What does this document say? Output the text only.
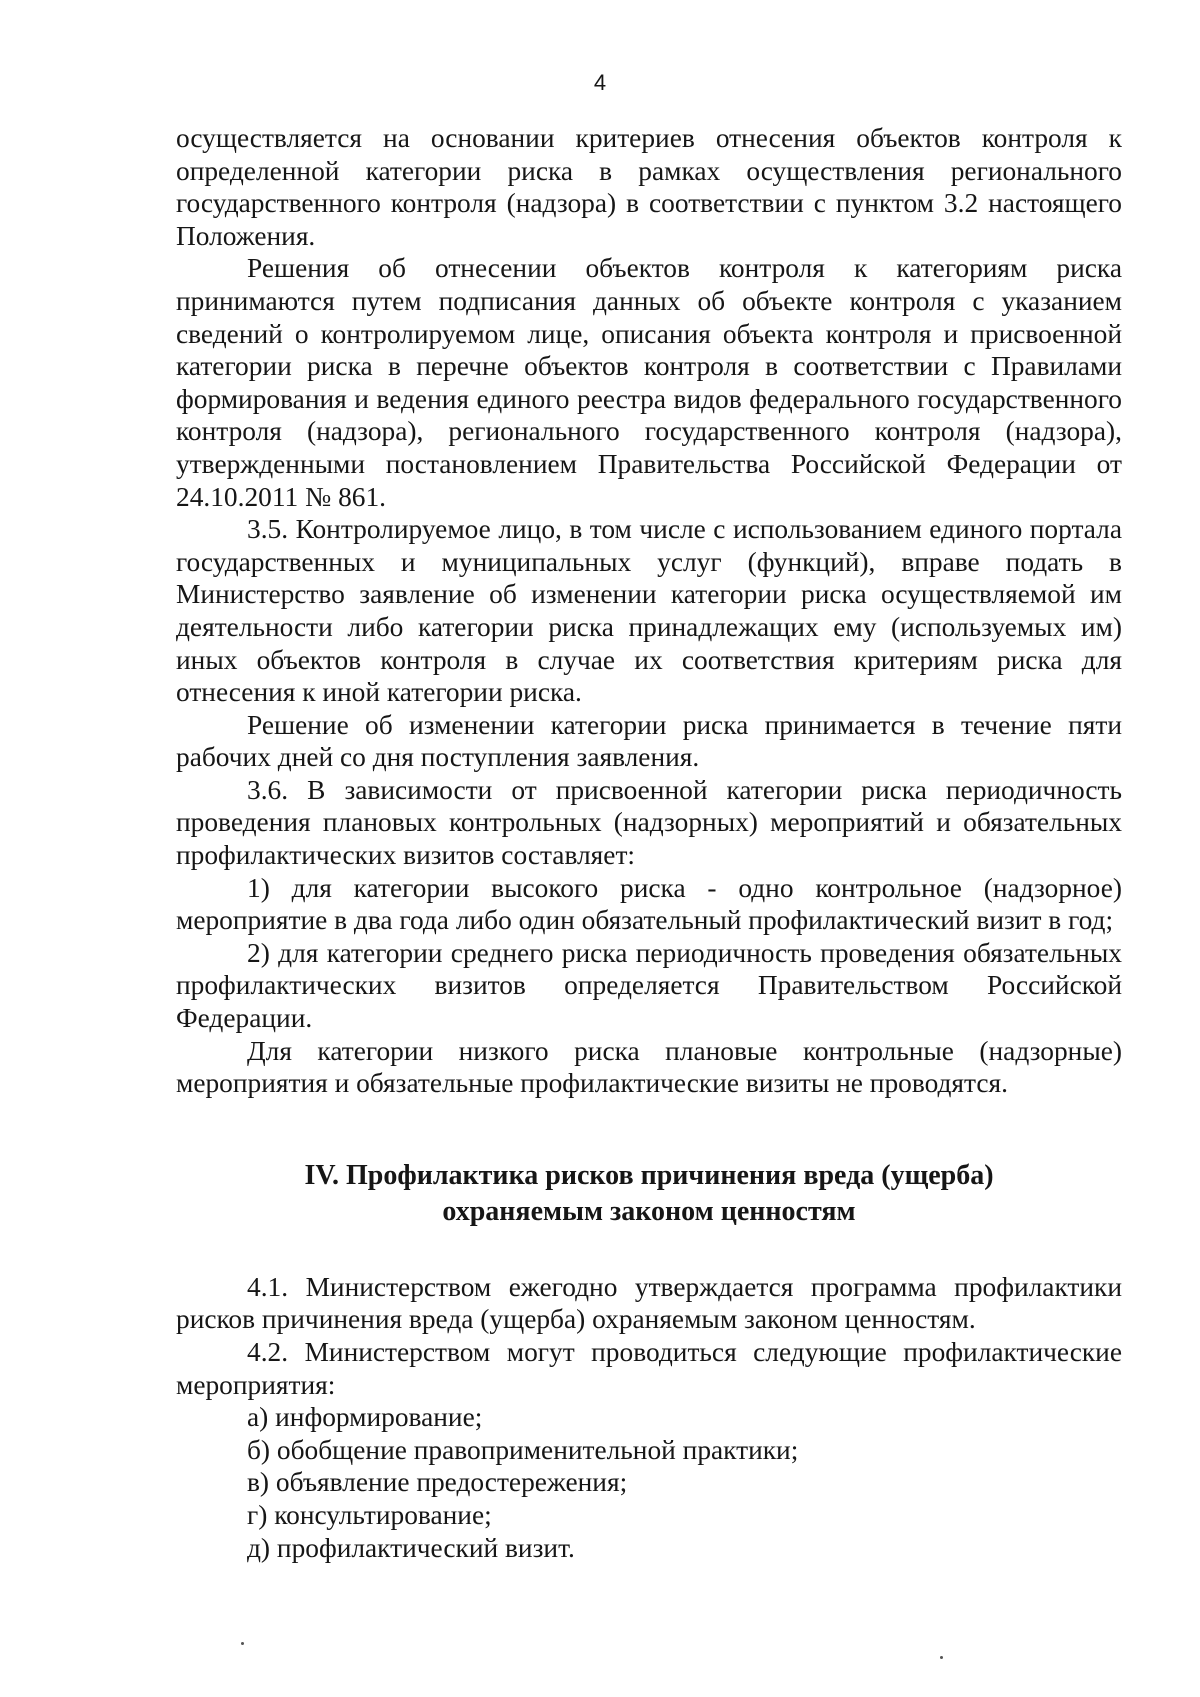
4

осуществляется на основании критериев отнесения объектов контроля к определенной категории риска в рамках осуществления регионального государственного контроля (надзора) в соответствии с пунктом 3.2 настоящего Положения.

Решения об отнесении объектов контроля к категориям риска принимаются путем подписания данных об объекте контроля с указанием сведений о контролируемом лице, описания объекта контроля и присвоенной категории риска в перечне объектов контроля в соответствии с Правилами формирования и ведения единого реестра видов федерального государственного контроля (надзора), регионального государственного контроля (надзора), утвержденными постановлением Правительства Российской Федерации от 24.10.2011 № 861.

3.5. Контролируемое лицо, в том числе с использованием единого портала государственных и муниципальных услуг (функций), вправе подать в Министерство заявление об изменении категории риска осуществляемой им деятельности либо категории риска принадлежащих ему (используемых им) иных объектов контроля в случае их соответствия критериям риска для отнесения к иной категории риска.

Решение об изменении категории риска принимается в течение пяти рабочих дней со дня поступления заявления.

3.6. В зависимости от присвоенной категории риска периодичность проведения плановых контрольных (надзорных) мероприятий и обязательных профилактических визитов составляет:

1) для категории высокого риска - одно контрольное (надзорное) мероприятие в два года либо один обязательный профилактический визит в год;

2) для категории среднего риска периодичность проведения обязательных профилактических визитов определяется Правительством Российской Федерации.

Для категории низкого риска плановые контрольные (надзорные) мероприятия и обязательные профилактические визиты не проводятся.

IV. Профилактика рисков причинения вреда (ущерба)
охраняемым законом ценностям

4.1. Министерством ежегодно утверждается программа профилактики рисков причинения вреда (ущерба) охраняемым законом ценностям.

4.2. Министерством могут проводиться следующие профилактические мероприятия:

а) информирование;

б) обобщение правоприменительной практики;

в) объявление предостережения;

г) консультирование;

д) профилактический визит.
